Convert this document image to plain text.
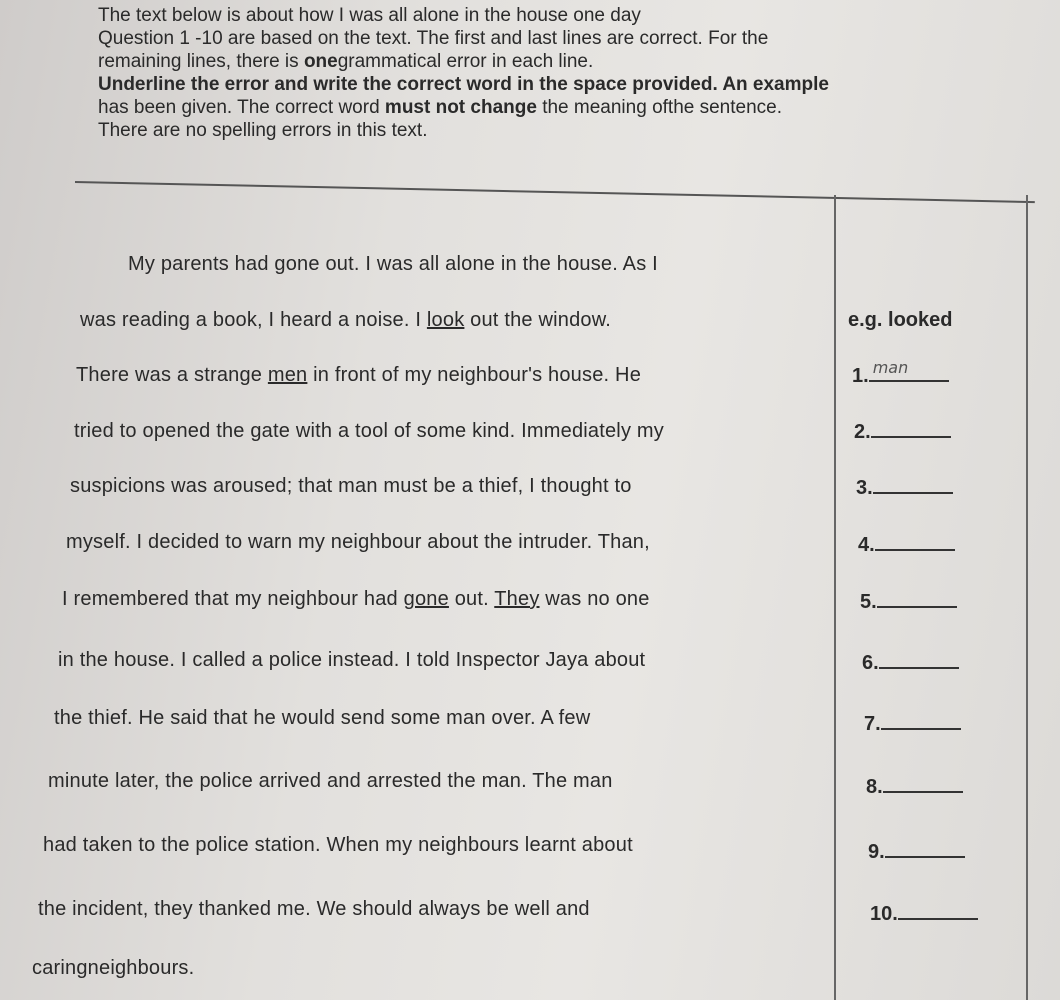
The text below is about how I was all alone in the house one day
Question 1 -10 are based on the text. The first and last lines are correct. For the
remaining lines, there is onegrammatical error in each line.
Underline the error and write the correct word in the space provided. An example
has been given. The correct word must not change the meaning ofthe sentence.
There are no spelling errors in this text.
My parents had gone out. I was all alone in the house. As I
was reading a book, I heard a noise. I look out the window.
There was a strange men in front of my neighbour's house. He
tried to opened the gate with a tool of some kind. Immediately my
suspicions was aroused; that man must be a thief, I thought to
myself. I decided to warn my neighbour about the intruder. Than,
I remembered that my neighbour had gone out. They was no one
in the house. I called a police instead. I told Inspector Jaya about
the thief. He said that he would send some man over. A few
minute later, the police arrived and arrested the man. The man
had taken to the police station. When my neighbours learnt about
the incident, they thanked me. We should always be well and
caringneighbours.
e.g. looked
1. man
2.
3.
4.
5.
6.
7.
8.
9.
10.
